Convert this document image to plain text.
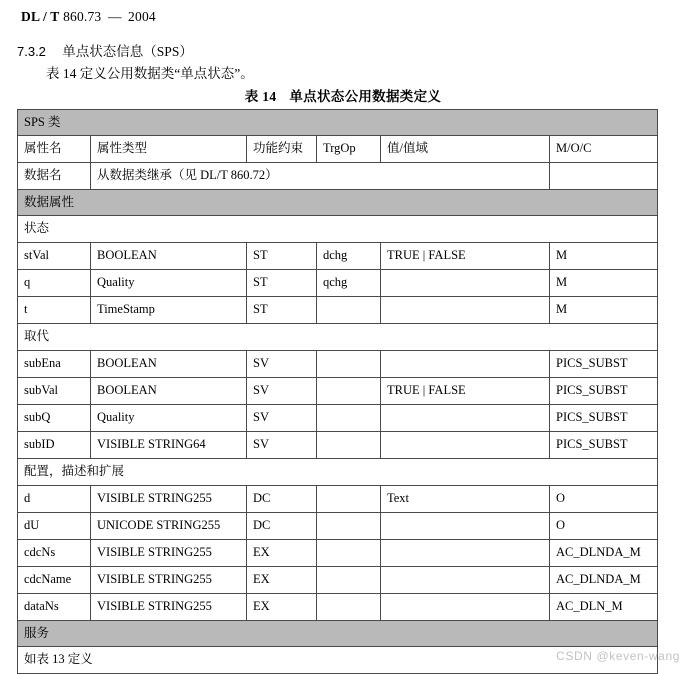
DL / T 860.73 — 2004
7.3.2 单点状态信息（SPS）
表 14 定义公用数据类“单点状态”。
表 14 单点状态公用数据类定义
SPS 类					
属性名	属性类型	功能约束	TrgOp	值/值域	M/O/C
数据名	从数据类继承（见 DL/T 860.72）				
数据属性					
状态					
stVal	BOOLEAN	ST	dchg	TRUE | FALSE	M
q	Quality	ST	qchg		M
t	TimeStamp	ST			M
取代					
subEna	BOOLEAN	SV			PICS_SUBST
subVal	BOOLEAN	SV		TRUE | FALSE	PICS_SUBST
subQ	Quality	SV			PICS_SUBST
subID	VISIBLE STRING64	SV			PICS_SUBST
配置，描述和扩展					
d	VISIBLE STRING255	DC		Text	O
dU	UNICODE STRING255	DC			O
cdcNs	VISIBLE STRING255	EX			AC_DLNDA_M
cdcName	VISIBLE STRING255	EX			AC_DLNDA_M
dataNs	VISIBLE STRING255	EX			AC_DLN_M
服务					
如表 13 定义						CSDN @keven-wang
